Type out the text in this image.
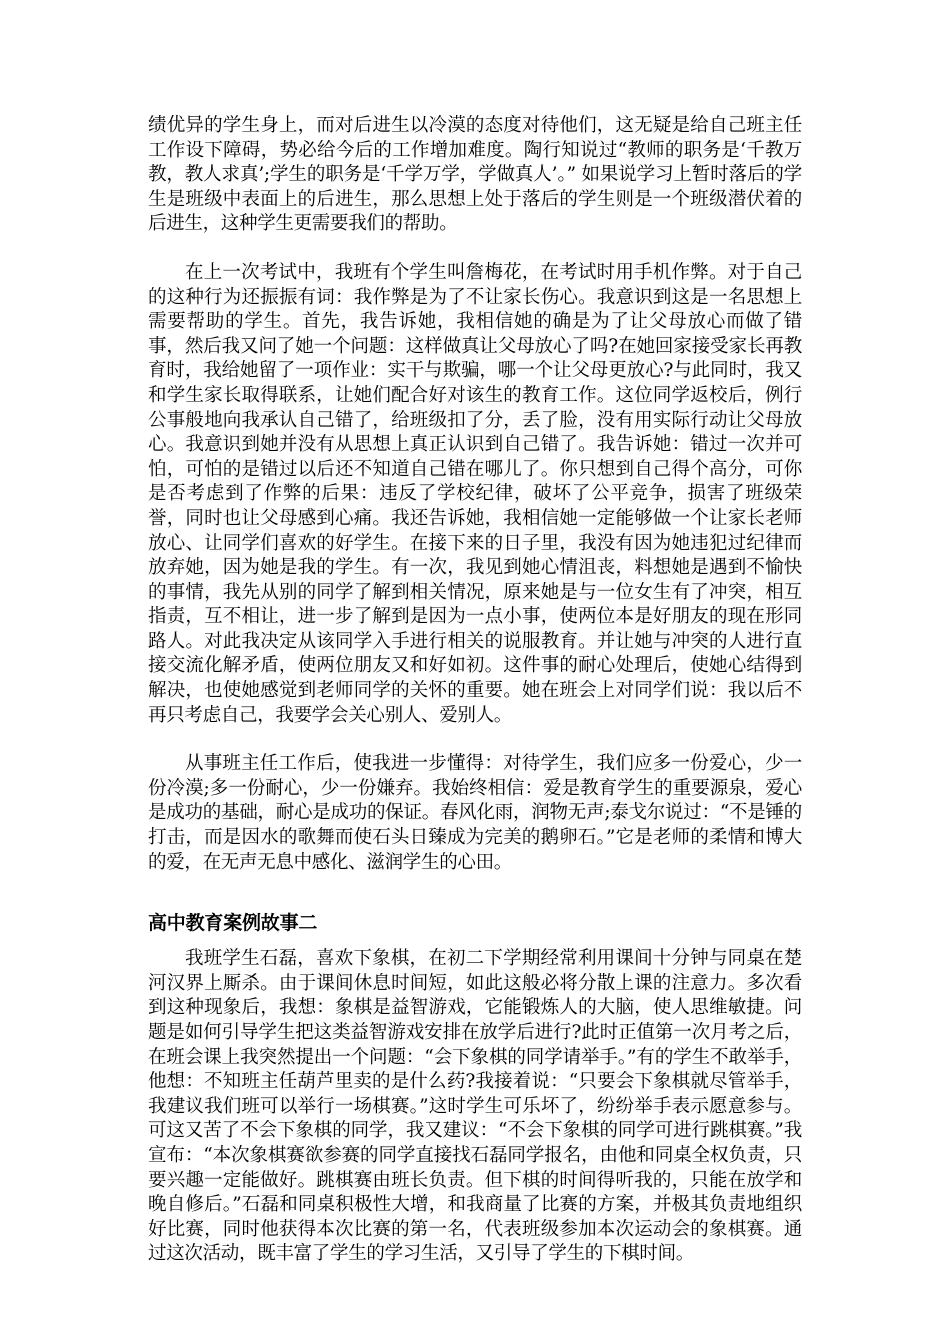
绩优异的学生身上，而对后进生以冷漠的态度对待他们，这无疑是给自己班主任工作设下障碍，势必给今后的工作增加难度。陶行知说过“教师的职务是‘千教万教，教人求真’;学生的职务是‘千学万学，学做真人’。” 如果说学习上暂时落后的学生是班级中表面上的后进生，那么思想上处于落后的学生则是一个班级潜伏着的后进生，这种学生更需要我们的帮助。

在上一次考试中，我班有个学生叫詹梅花，在考试时用手机作弊。对于自己的这种行为还振振有词：我作弊是为了不让家长伤心。我意识到这是一名思想上需要帮助的学生。首先，我告诉她，我相信她的确是为了让父母放心而做了错事，然后我又问了她一个问题：这样做真让父母放心了吗?在她回家接受家长再教育时，我给她留了一项作业：实干与欺骗，哪一个让父母更放心?与此同时，我又和学生家长取得联系，让她们配合好对该生的教育工作。这位同学返校后，例行公事般地向我承认自己错了，给班级扣了分，丢了脸，没有用实际行动让父母放心。我意识到她并没有从思想上真正认识到自己错了。我告诉她：错过一次并可怕，可怕的是错过以后还不知道自己错在哪儿了。你只想到自己得个高分，可你是否考虑到了作弊的后果：违反了学校纪律，破坏了公平竞争，损害了班级荣誉，同时也让父母感到心痛。我还告诉她，我相信她一定能够做一个让家长老师放心、让同学们喜欢的好学生。在接下来的日子里，我没有因为她违犯过纪律而放弃她，因为她是我的学生。有一次，我见到她心情沮丧，料想她是遇到不愉快的事情，我先从别的同学了解到相关情况，原来她是与一位女生有了冲突，相互指责，互不相让，进一步了解到是因为一点小事，使两位本是好朋友的现在形同路人。对此我决定从该同学入手进行相关的说服教育。并让她与冲突的人进行直接交流化解矛盾，使两位朋友又和好如初。这件事的耐心处理后，使她心结得到解决，也使她感觉到老师同学的关怀的重要。她在班会上对同学们说：我以后不再只考虑自己，我要学会关心别人、爱别人。

从事班主任工作后，使我进一步懂得：对待学生，我们应多一份爱心，少一份冷漠;多一份耐心，少一份嫌弃。我始终相信：爱是教育学生的重要源泉，爱心是成功的基础，耐心是成功的保证。春风化雨，润物无声;泰戈尔说过：“不是锤的打击，而是因水的歌舞而使石头日臻成为完美的鹅卵石。”它是老师的柔情和博大的爱，在无声无息中感化、滋润学生的心田。

高中教育案例故事二

我班学生石磊，喜欢下象棋，在初二下学期经常利用课间十分钟与同桌在楚河汉界上厮杀。由于课间休息时间短，如此这般必将分散上课的注意力。多次看到这种现象后，我想：象棋是益智游戏，它能锻炼人的大脑，使人思维敏捷。问题是如何引导学生把这类益智游戏安排在放学后进行?此时正值第一次月考之后，在班会课上我突然提出一个问题：“会下象棋的同学请举手。”有的学生不敢举手，他想：不知班主任葫芦里卖的是什么药?我接着说：“只要会下象棋就尽管举手，我建议我们班可以举行一场棋赛。”这时学生可乐坏了，纷纷举手表示愿意参与。可这又苦了不会下象棋的同学，我又建议：“不会下象棋的同学可进行跳棋赛。”我宣布：“本次象棋赛欲参赛的同学直接找石磊同学报名，由他和同桌全权负责，只要兴趣一定能做好。跳棋赛由班长负责。但下棋的时间得听我的，只能在放学和晚自修后。”石磊和同桌积极性大增，和我商量了比赛的方案，并极其负责地组织好比赛，同时他获得本次比赛的第一名，代表班级参加本次运动会的象棋赛。通过这次活动，既丰富了学生的学习生活，又引导了学生的下棋时间。
